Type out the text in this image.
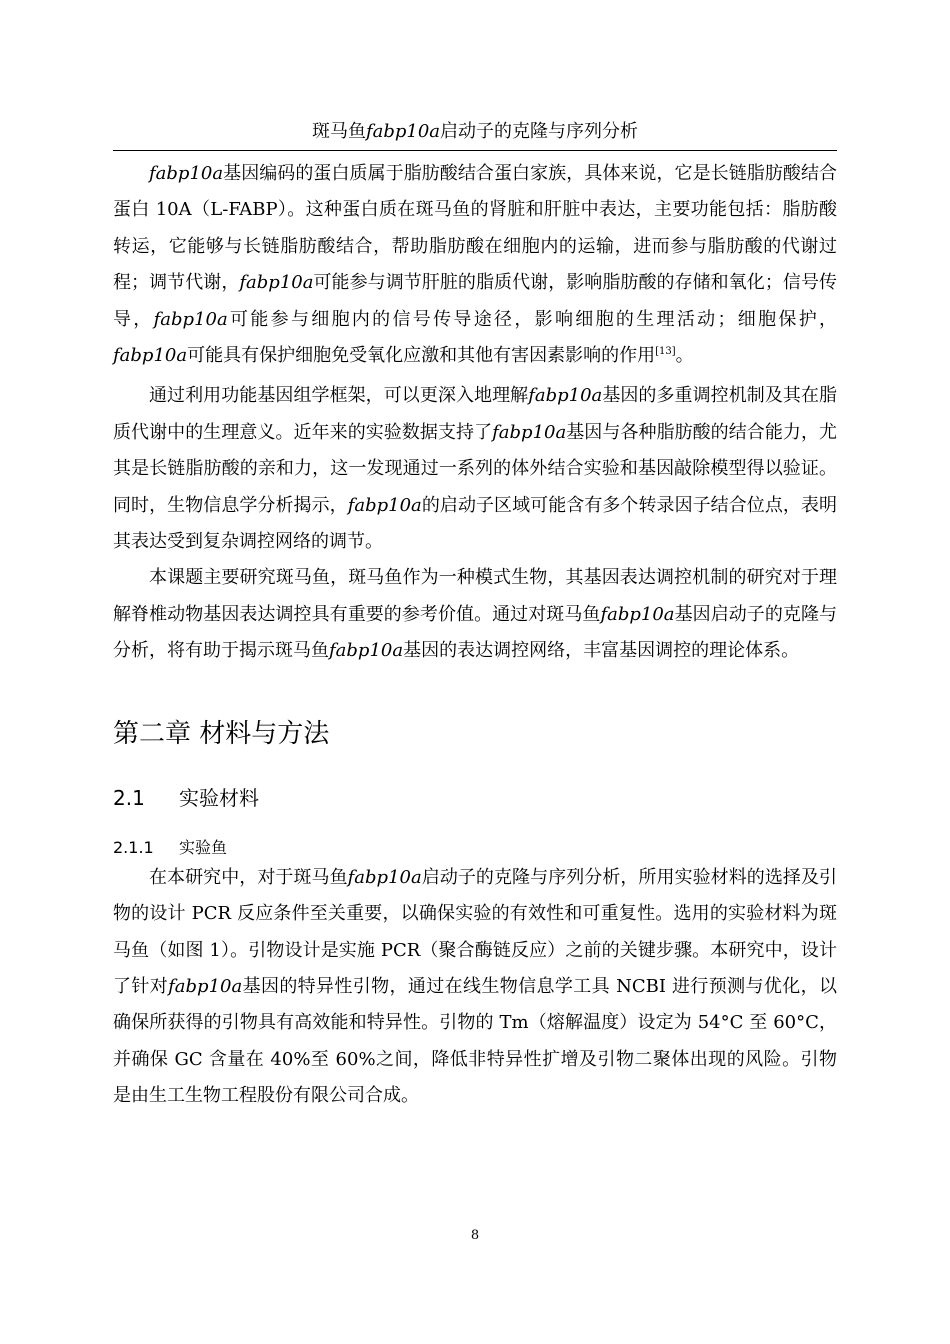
斑马鱼fabp10a启动子的克隆与序列分析

fabp10a基因编码的蛋白质属于脂肪酸结合蛋白家族，具体来说，它是长链脂肪酸结合蛋白 10A（L-FABP）。这种蛋白质在斑马鱼的肾脏和肝脏中表达，主要功能包括：脂肪酸转运，它能够与长链脂肪酸结合，帮助脂肪酸在细胞内的运输，进而参与脂肪酸的代谢过程；调节代谢，fabp10a可能参与调节肝脏的脂质代谢，影响脂肪酸的存储和氧化；信号传导，fabp10a可能参与细胞内的信号传导途径，影响细胞的生理活动；细胞保护，fabp10a可能具有保护细胞免受氧化应激和其他有害因素影响的作用[13]。

通过利用功能基因组学框架，可以更深入地理解fabp10a基因的多重调控机制及其在脂质代谢中的生理意义。近年来的实验数据支持了fabp10a基因与各种脂肪酸的结合能力，尤其是长链脂肪酸的亲和力，这一发现通过一系列的体外结合实验和基因敲除模型得以验证。同时，生物信息学分析揭示，fabp10a的启动子区域可能含有多个转录因子结合位点，表明其表达受到复杂调控网络的调节。

本课题主要研究斑马鱼，斑马鱼作为一种模式生物，其基因表达调控机制的研究对于理解脊椎动物基因表达调控具有重要的参考价值。通过对斑马鱼fabp10a基因启动子的克隆与分析，将有助于揭示斑马鱼fabp10a基因的表达调控网络，丰富基因调控的理论体系。

第二章 材料与方法
2.1 实验材料
2.1.1 实验鱼

在本研究中，对于斑马鱼fabp10a启动子的克隆与序列分析，所用实验材料的选择及引物的设计 PCR 反应条件至关重要，以确保实验的有效性和可重复性。选用的实验材料为斑马鱼（如图 1）。引物设计是实施 PCR（聚合酶链反应）之前的关键步骤。本研究中，设计了针对fabp10a基因的特异性引物，通过在线生物信息学工具 NCBI 进行预测与优化，以确保所获得的引物具有高效能和特异性。引物的 Tm（熔解温度）设定为 54°C 至 60°C，并确保 GC 含量在 40%至 60%之间，降低非特异性扩增及引物二聚体出现的风险。引物是由生工生物工程股份有限公司合成。

8
